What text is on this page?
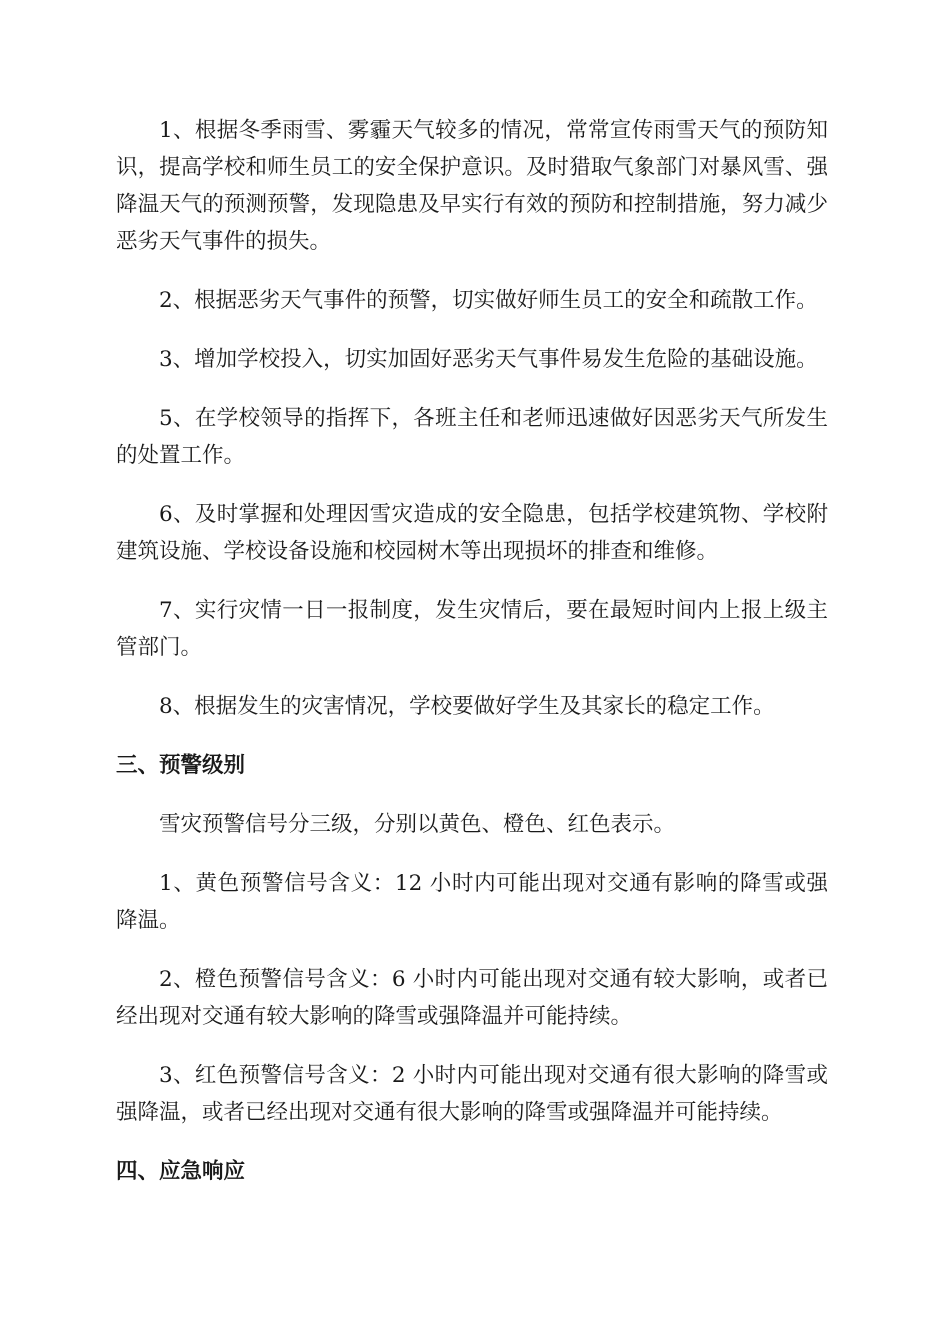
1、根据冬季雨雪、雾霾天气较多的情况，常常宣传雨雪天气的预防知识，提高学校和师生员工的安全保护意识。及时猎取气象部门对暴风雪、强降温天气的预测预警，发现隐患及早实行有效的预防和控制措施，努力减少恶劣天气事件的损失。

2、根据恶劣天气事件的预警，切实做好师生员工的安全和疏散工作。

3、增加学校投入，切实加固好恶劣天气事件易发生危险的基础设施。

5、在学校领导的指挥下，各班主任和老师迅速做好因恶劣天气所发生的处置工作。

6、及时掌握和处理因雪灾造成的安全隐患，包括学校建筑物、学校附建筑设施、学校设备设施和校园树木等出现损坏的排查和维修。

7、实行灾情一日一报制度，发生灾情后，要在最短时间内上报上级主管部门。

8、根据发生的灾害情况，学校要做好学生及其家长的稳定工作。

三、预警级别

雪灾预警信号分三级，分别以黄色、橙色、红色表示。

1、黄色预警信号含义：12 小时内可能出现对交通有影响的降雪或强降温。

2、橙色预警信号含义：6 小时内可能出现对交通有较大影响，或者已经出现对交通有较大影响的降雪或强降温并可能持续。

3、红色预警信号含义：2 小时内可能出现对交通有很大影响的降雪或强降温，或者已经出现对交通有很大影响的降雪或强降温并可能持续。

四、应急响应
